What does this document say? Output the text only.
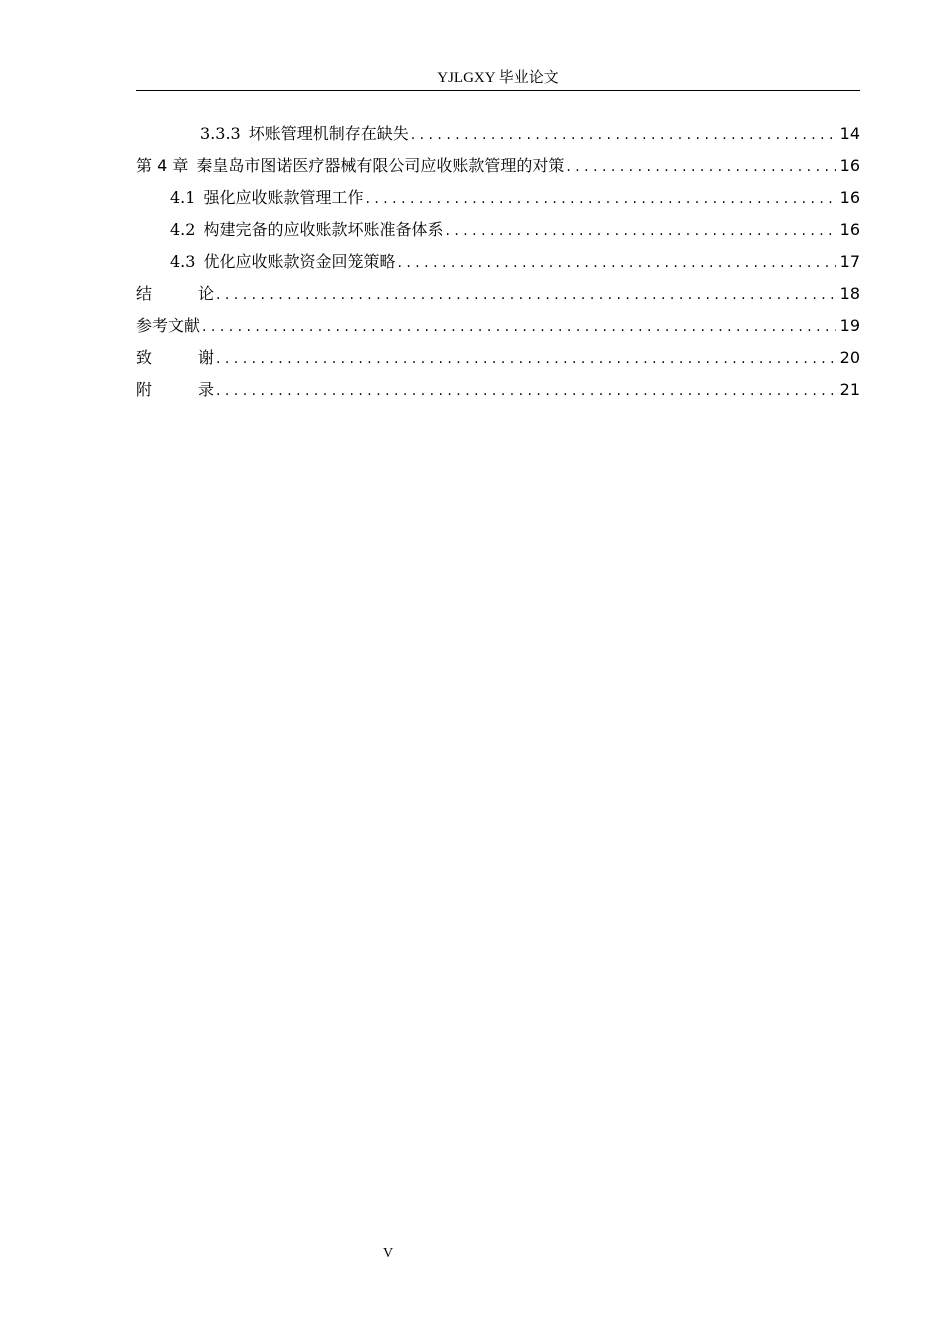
YJLGXY 毕业论文
3.3.3 坏账管理机制存在缺失 . . .	14
第 4 章 秦皇岛市图诺医疗器械有限公司应收账款管理的对策 . . .	16
4.1 强化应收账款管理工作 . . .	16
4.2 构建完备的应收账款坏账准备体系 . . .	16
4.3 优化应收账款资金回笼策略 . . .	17
结	论 . . .	18
参考文献 . . .	19
致	谢 . . .	20
附	录 . . .	21
V
